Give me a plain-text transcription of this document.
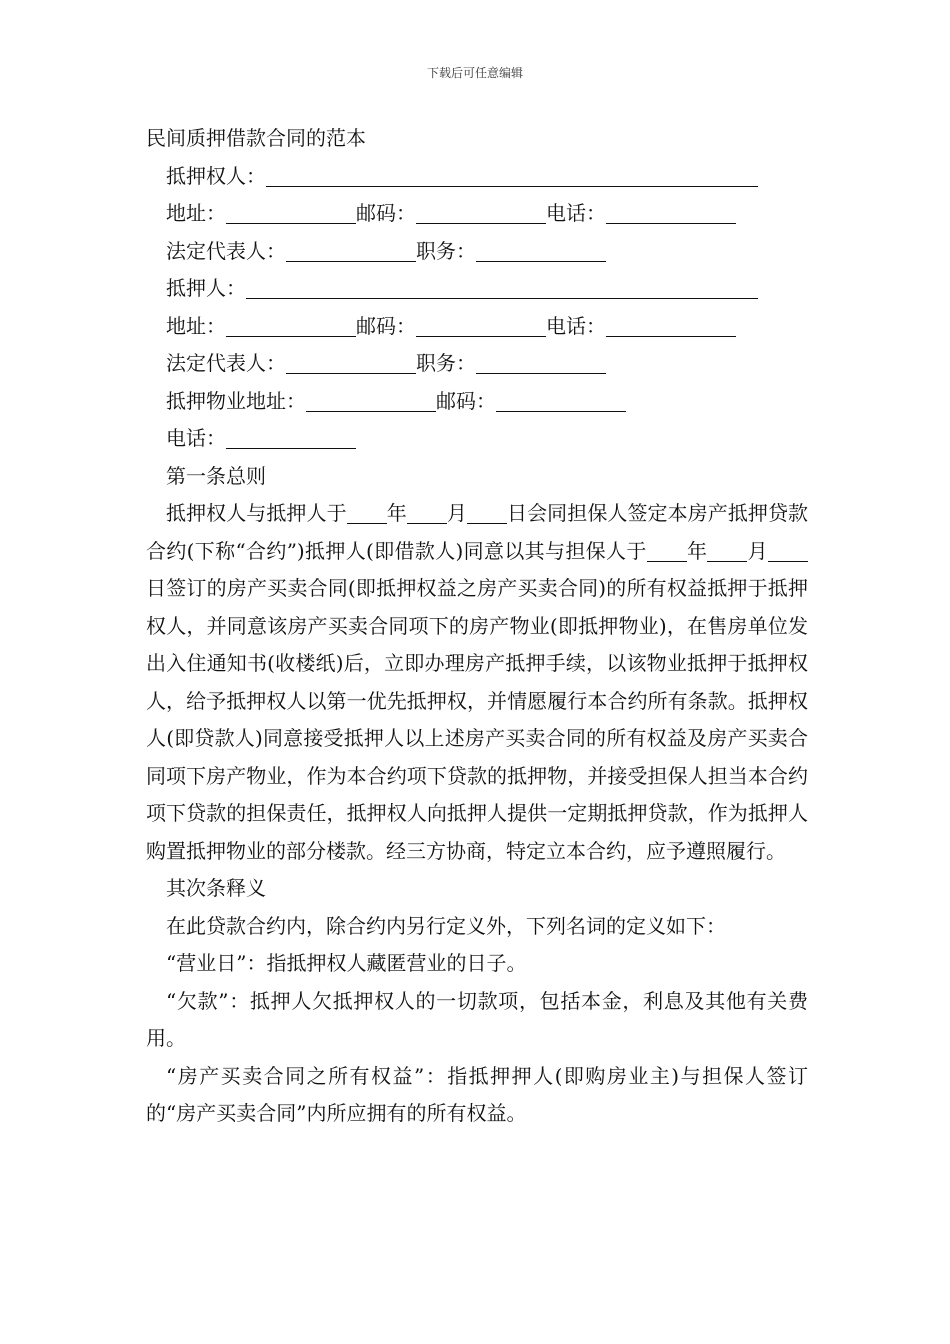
下载后可任意编辑
民间质押借款合同的范本
抵押权人：
地址：	邮码：	电话：
法定代表人：	职务：
抵押人：
地址：	邮码：	电话：
法定代表人：	职务：
抵押物业地址：	邮码：
电话：
第一条总则

抵押权人与抵押人于 年 月 日会同担保人签定本房产抵押贷款合约(下称“合约”)抵押人(即借款人)同意以其与担保人于 年 月日签订的房产买卖合同(即抵押权益之房产买卖合同)的所有权益抵押于抵押权人，并同意该房产买卖合同项下的房产物业(即抵押物业)，在售房单位发出入住通知书(收楼纸)后，立即办理房产抵押手续，以该物业抵押于抵押权人，给予抵押权人以第一优先抵押权，并情愿履行本合约所有条款。抵押权人(即贷款人)同意接受抵押人以上述房产买卖合同的所有权益及房产买卖合同项下房产物业，作为本合约项下贷款的抵押物，并接受担保人担当本合约项下贷款的担保责任，抵押权人向抵押人提供一定期抵押贷款，作为抵押人购置抵押物业的部分楼款。经三方协商，特定立本合约，应予遵照履行。

其次条释义
在此贷款合约内，除合约内另行定义外，下列名词的定义如下：

“营业日”：指抵押权人藏匿营业的日子。

“欠款”：抵押人欠抵押权人的一切款项，包括本金，利息及其他有关费用。

“房产买卖合同之所有权益”：指抵押押人(即购房业主)与担保人签订的“房产买卖合同”内所应拥有的所有权益。
